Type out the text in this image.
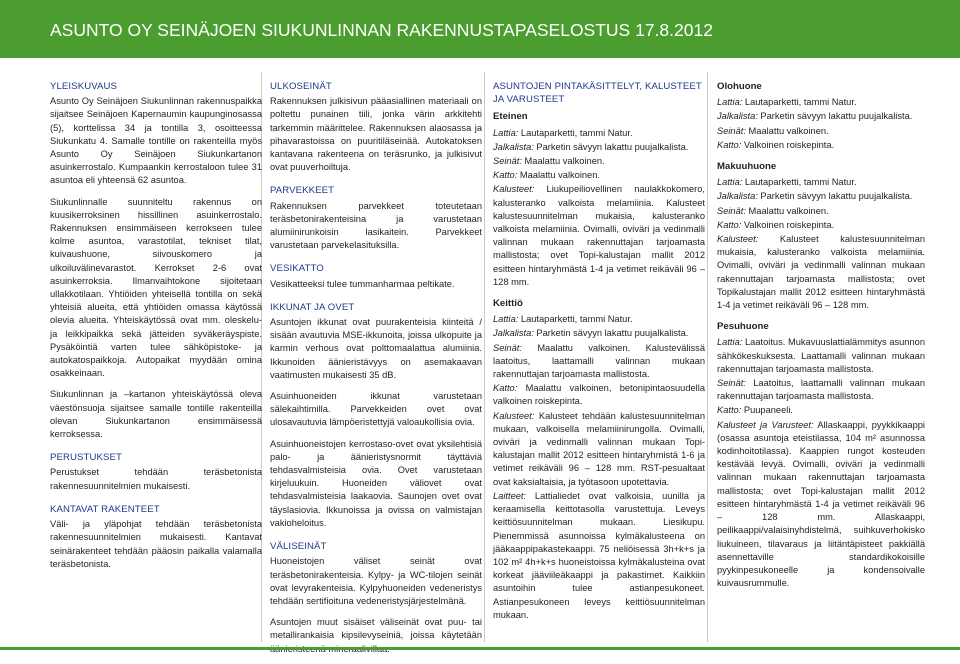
ASUNTO OY SEINÄJOEN SIUKUNLINNAN RAKENNUSTAPASELOSTUS 17.8.2012
YLEISKUVAUS

Asunto Oy Seinäjoen Siukunlinnan rakennuspaikka sijaitsee Seinäjoen Kapernaumin kaupunginosassa (5), korttelissa 34 ja tontilla 3, osoitteessa Siukunkatu 4. Samalle tontille on rakenteilla myös Asunto Oy Seinäjoen Siukunkartanon asuinkerrostalo. Kumpaankin kerrostaloon tulee 31 asuntoa eli yhteensä 62 asuntoa.

Siukunlinnalle suunniteltu rakennus on kuusikerroksinen hissillinen asuinkerrostalo. Rakennuksen ensimmäiseen kerrokseen tulee kolme asuntoa, varastotilat, tekniset tilat, kuivaushuone, siivouskomero ja ulkoiluvälinevarastot. Kerrokset 2-6 ovat asuinkerroksia. Ilmanvaihtokone sijoitetaan ullakkotilaan. Yhtiöiden yhteisellä tontilla on sekä yhteisiä alueita, että yhtiöiden omassa käytössä olevia alueita. Yhteiskäytössä ovat mm. oleskelu- ja leikkipaikka sekä jätteiden syväkeräyspiste. Pysäköintiä varten tulee sähköpistoke- ja autokatospaikkoja. Autopaikat myydään omina osakkeinaan.

Siukunlinnan ja –kartanon yhteiskäytössä oleva väestönsuoja sijaitsee samalle tontille rakenteilla olevan Siukunkartanon ensimmäisessä kerroksessa.

PERUSTUKSET

Perustukset tehdään teräsbetonista rakennesuunnitelmien mukaisesti.

KANTAVAT RAKENTEET

Väli- ja yläpohjat tehdään teräsbetonista rakennesuunnitelmien mukaisesti. Kantavat seinärakenteet tehdään pääosin paikalla valamalla teräsbetonista.

ULKOSEINÄT

Rakennuksen julkisivun pääasiallinen materiaali on poltettu punainen tiili, jonka värin arkkitehti tarkemmin määrittelee. Rakennuksen alaosassa ja pihavarastoissa on puuritiläseinää. Autokatoksen kantavana rakenteena on teräsrunko, ja julkisivut ovat puuverhoiltuja.

PARVEKKEET

Rakennuksen parvekkeet toteutetaan teräsbetonirakenteisina ja varustetaan alumiinirunkoisin lasikaitein. Parvekkeet varustetaan parvekelasituksilla.

VESIKATTO

Vesikatteeksi tulee tummanharmaa peltikate.

IKKUNAT JA OVET

Asuntojen ikkunat ovat puurakenteisia kiinteitä / sisään avautuvia MSE-ikkunoita, joissa ulkopuite ja karmin verhous ovat polttomaalattua alumiinia. Ikkunoiden äänieristävyys on asemakaavan vaatimusten mukaisesti 35 dB.

Asuinhuoneiden ikkunat varustetaan sälekaihtimilla. Parvekkeiden ovet ovat ulosavautuvia lämpöeristettyjä valoaukollisia ovia.

Asuinhuoneistojen kerrostaso-ovet ovat yksilehtisiä palo- ja äänieristysnormit täyttäviä tehdasvalmisteisia ovia. Ovet varustetaan kirjeluukuin. Huoneiden väliovet ovat tehdasvalmisteisia laakaovia. Saunojen ovet ovat täyslasiovia. Ikkunoissa ja ovissa on valmistajan vakioheloitus.

VÄLISEINÄT

Huoneistojen väliset seinät ovat teräsbetonirakenteisia. Kylpy- ja WC-tilojen seinät ovat levyrakenteisia. Kylpyhuoneiden vedeneristys tehdään sertifioituna vedeneristysjärjestelmänä.

Asuntojen muut sisäiset väliseinät ovat puu- tai metallirankaisia kipsilevyseiniä, joissa käytetään

ASUNTOJEN PINTAKÄSITTELYT, KALUSTEET JA VARUSTEET
Eteinen

Lattia: Lautaparketti, tammi Natur.

Jalkalista: Parketin sävyyn lakattu puujalkalista.

Seinät: Maalattu valkoinen.

Katto: Maalattu valkoinen.

Kalusteet: Liukupeiliovellinen naulakkokomero, kalusteranko valkoista melamiinia. Kalusteet kalustesuunnitelman mukaisia, kalusteranko valkoista melamiinia. Ovimalli, oviväri ja vedinmalli valinnan mukaan rakennuttajan tarjoamasta mallistosta; ovet Topi-kalustajan mallit 2012 esitteen hintaryhmästä 1-4 ja vetimet reikäväli 96 – 128 mm.

Keittiö

Lattia: Lautaparketti, tammi Natur.

Jalkalista: Parketin sävyyn lakattu puujalkalista.

Seinät: Maalattu valkoinen. Kalustevälissä laatoitus, laattamalli valinnan mukaan rakennuttajan tarjoamasta mallistosta.

Katto: Maalattu valkoinen, betonipintaosuudella valkoinen roiskepinta.

Kalusteet: Kalusteet tehdään kalustesuunnitelman mukaan, valkoisella melamiinirungolla. Ovimalli, oviväri ja vedinmalli valinnan mukaan Topi-kalustajan mallit 2012 esitteen hintaryhmistä 1-6 ja vetimet reikäväli 96 – 128 mm. RST-pesualtaat ovat kaksialtaisia, ja työtasoon upotettavia.

Laitteet: Lattialiedet ovat valkoisia, uunilla ja keraamisella keittotasolla varustettuja. Leveys keittiösuunnitelman mukaan. Liesikupu. Pienemmissä asunnoissa kylmäkalusteena on jääkaappipakastekaappi. 75 neliöisessä 3h+k+s ja 102 m² 4h+k+s huoneistoissa kylmäkalusteina ovat korkeat jääviileäkaappi ja pakastimet. Kaikkiin asuntoihin tulee astianpesukoneet. Astianpesukoneen leveys keittiösuunnitelman mukaan.

Olohuone

Lattia: Lautaparketti, tammi Natur.

Jalkalista: Parketin sävyyn lakattu puujalkalista.

Seinät: Maalattu valkoinen.

Katto: Valkoinen roiskepinta.

Makuuhuone

Lattia: Lautaparketti, tammi Natur.

Jalkalista: Parketin sävyyn lakattu puujalkalista.

Seinät: Maalattu valkoinen.

Katto: Valkoinen roiskepinta.

Kalusteet: Kalusteet kalustesuunnitelman mukaisia, kalusteranko valkoista melamiinia. Ovimalli, oviväri ja vedinmalli valinnan mukaan rakennuttajan tarjoamasta mallistosta; ovet Topikalustajan mallit 2012 esitteen hintaryhmästä 1-4 ja vetimet reikäväli 96 – 128 mm.

Pesuhuone

Lattia: Laatoitus. Mukavuuslattialämmitys asunnon sähkökeskuksesta. Laattamalli valinnan mukaan rakennuttajan tarjoamasta mallistosta.

Seinät: Laatoitus, laattamalli valinnan mukaan rakennuttajan tarjoamasta mallistosta.

Katto: Puupaneeli.

Kalusteet ja Varusteet: Allaskaappi, pyykkikaappi (osassa asuntoja eteistilassa, 104 m² asunnossa kodinhoitotilassa). Kaappien rungot kosteuden kestävää levyä. Ovimalli, oviväri ja vedinmalli valinnan mukaan rakennuttajan tarjoamasta mallistosta; ovet Topi-kalustajan mallit 2012 esitteen hintaryhmästä 1-4 ja vetimet reikäväli 96 – 128 mm. Allaskaappi, peilikaappi/valaisinyhdistelmä, suihkuverhokisko liukuineen, tilavaraus ja liitäntäpisteet pakkiällä asennettaville standardikokoisille pyykinpesukoneelle ja kondensoivalle kuivausrummulle.
